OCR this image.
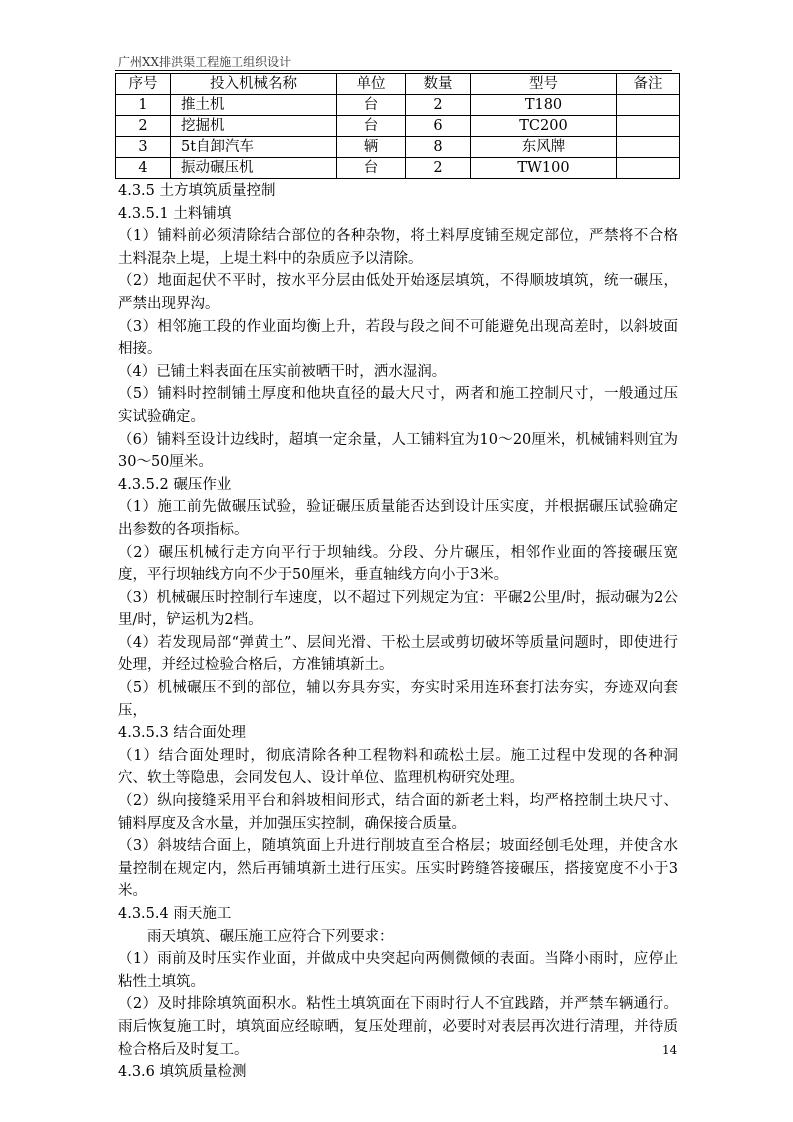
广州XX排洪渠工程施工组织设计
序号	投入机械名称	单位	数量	型号	备注
1	推土机	台	2	T180	
2	挖掘机	台	6	TC200	
3	5t自卸汽车	辆	8	东风牌	
4	振动碾压机	台	2	TW100	

4.3.5 土方填筑质量控制

4.3.5.1 土料铺填

（1）铺料前必须清除结合部位的各种杂物，将土料厚度铺至规定部位，严禁将不合格土料混杂上堤，上堤土料中的杂质应予以清除。

（2）地面起伏不平时，按水平分层由低处开始逐层填筑，不得顺坡填筑，统一碾压，严禁出现界沟。

（3）相邻施工段的作业面均衡上升，若段与段之间不可能避免出现高差时，以斜坡面相接。

（4）已铺土料表面在压实前被晒干时，洒水湿润。

（5）铺料时控制铺土厚度和他块直径的最大尺寸，两者和施工控制尺寸，一般通过压实试验确定。

（6）铺料至设计边线时，超填一定余量，人工铺料宜为10～20厘米，机械铺料则宜为30～50厘米。

4.3.5.2 碾压作业

（1）施工前先做碾压试验，验证碾压质量能否达到设计压实度，并根据碾压试验确定出参数的各项指标。

（2）碾压机械行走方向平行于坝轴线。分段、分片碾压，相邻作业面的答接碾压宽度，平行坝轴线方向不少于50厘米，垂直轴线方向小于3米。

（3）机械碾压时控制行车速度，以不超过下列规定为宜：平碾2公里/时，振动碾为2公里/时，铲运机为2档。

（4）若发现局部“弹黄土”、层间光滑、干松土层或剪切破坏等质量问题时，即使进行处理，并经过检验合格后，方准铺填新土。

（5）机械碾压不到的部位，辅以夯具夯实，夯实时采用连环套打法夯实，夯迹双向套压，

4.3.5.3 结合面处理

（1）结合面处理时，彻底清除各种工程物料和疏松土层。施工过程中发现的各种洞穴、软土等隐患，会同发包人、设计单位、监理机构研究处理。

（2）纵向接缝采用平台和斜坡相间形式，结合面的新老土料，均严格控制土块尺寸、铺料厚度及含水量，并加强压实控制，确保接合质量。

（3）斜坡结合面上，随填筑面上升进行削坡直至合格层；坡面经刨毛处理，并使含水量控制在规定内，然后再铺填新土进行压实。压实时跨缝答接碾压，搭接宽度不小于3米。

4.3.5.4 雨天施工

雨天填筑、碾压施工应符合下列要求：

（1）雨前及时压实作业面，并做成中央突起向两侧微倾的表面。当降小雨时，应停止粘性土填筑。

（2）及时排除填筑面积水。粘性土填筑面在下雨时行人不宜践踏，并严禁车辆通行。雨后恢复施工时，填筑面应经晾晒，复压处理前，必要时对表层再次进行清理，并待质检合格后及时复工。

4.3.6 填筑质量检测

14
